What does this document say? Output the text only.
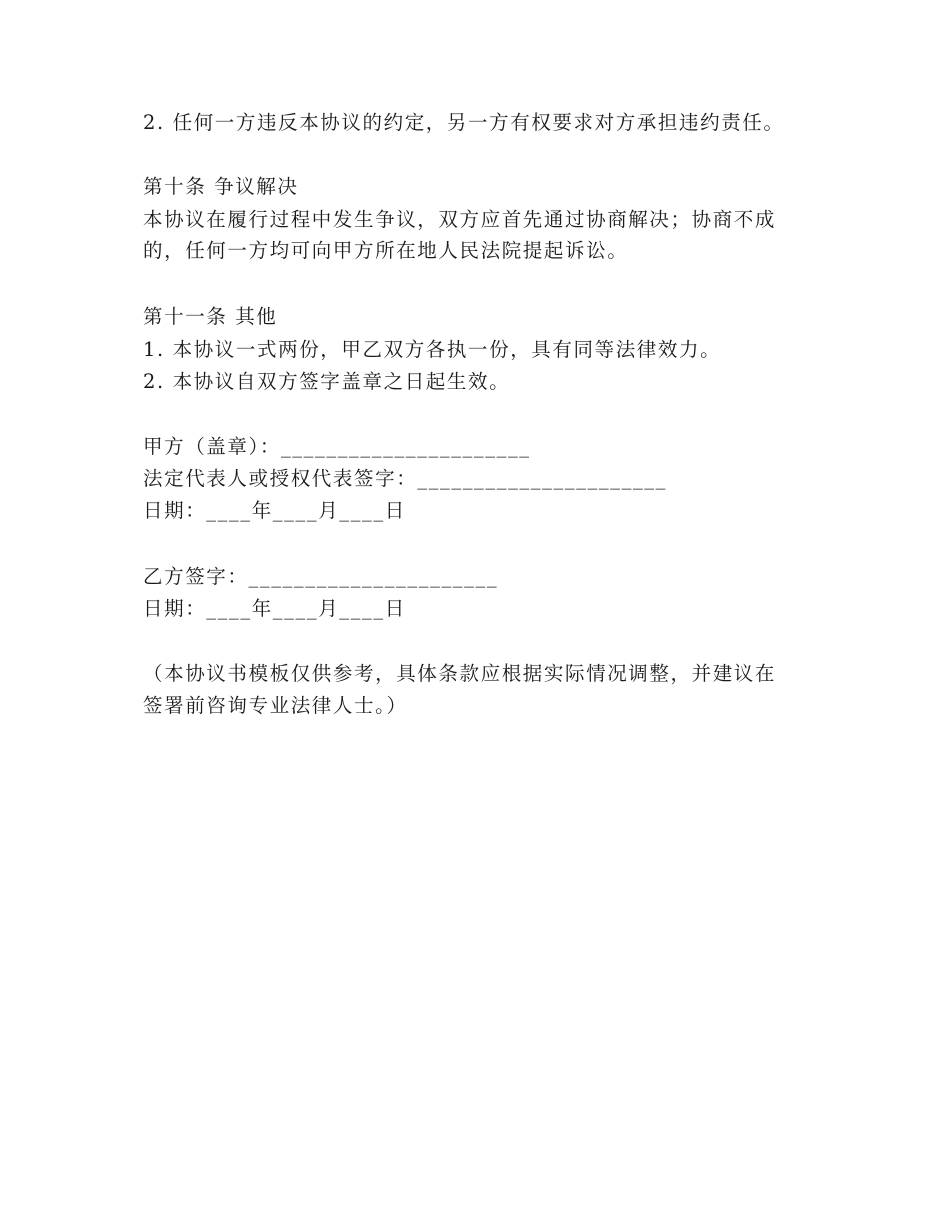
2. 任何一方违反本协议的约定，另一方有权要求对方承担违约责任。
第十条 争议解决
本协议在履行过程中发生争议，双方应首先通过协商解决；协商不成
的，任何一方均可向甲方所在地人民法院提起诉讼。
第十一条 其他
1. 本协议一式两份，甲乙双方各执一份，具有同等法律效力。
2. 本协议自双方签字盖章之日起生效。
甲方（盖章）：______________________
法定代表人或授权代表签字：______________________
日期：____年____月____日
乙方签字：______________________
日期：____年____月____日
（本协议书模板仅供参考，具体条款应根据实际情况调整，并建议在
签署前咨询专业法律人士。）
